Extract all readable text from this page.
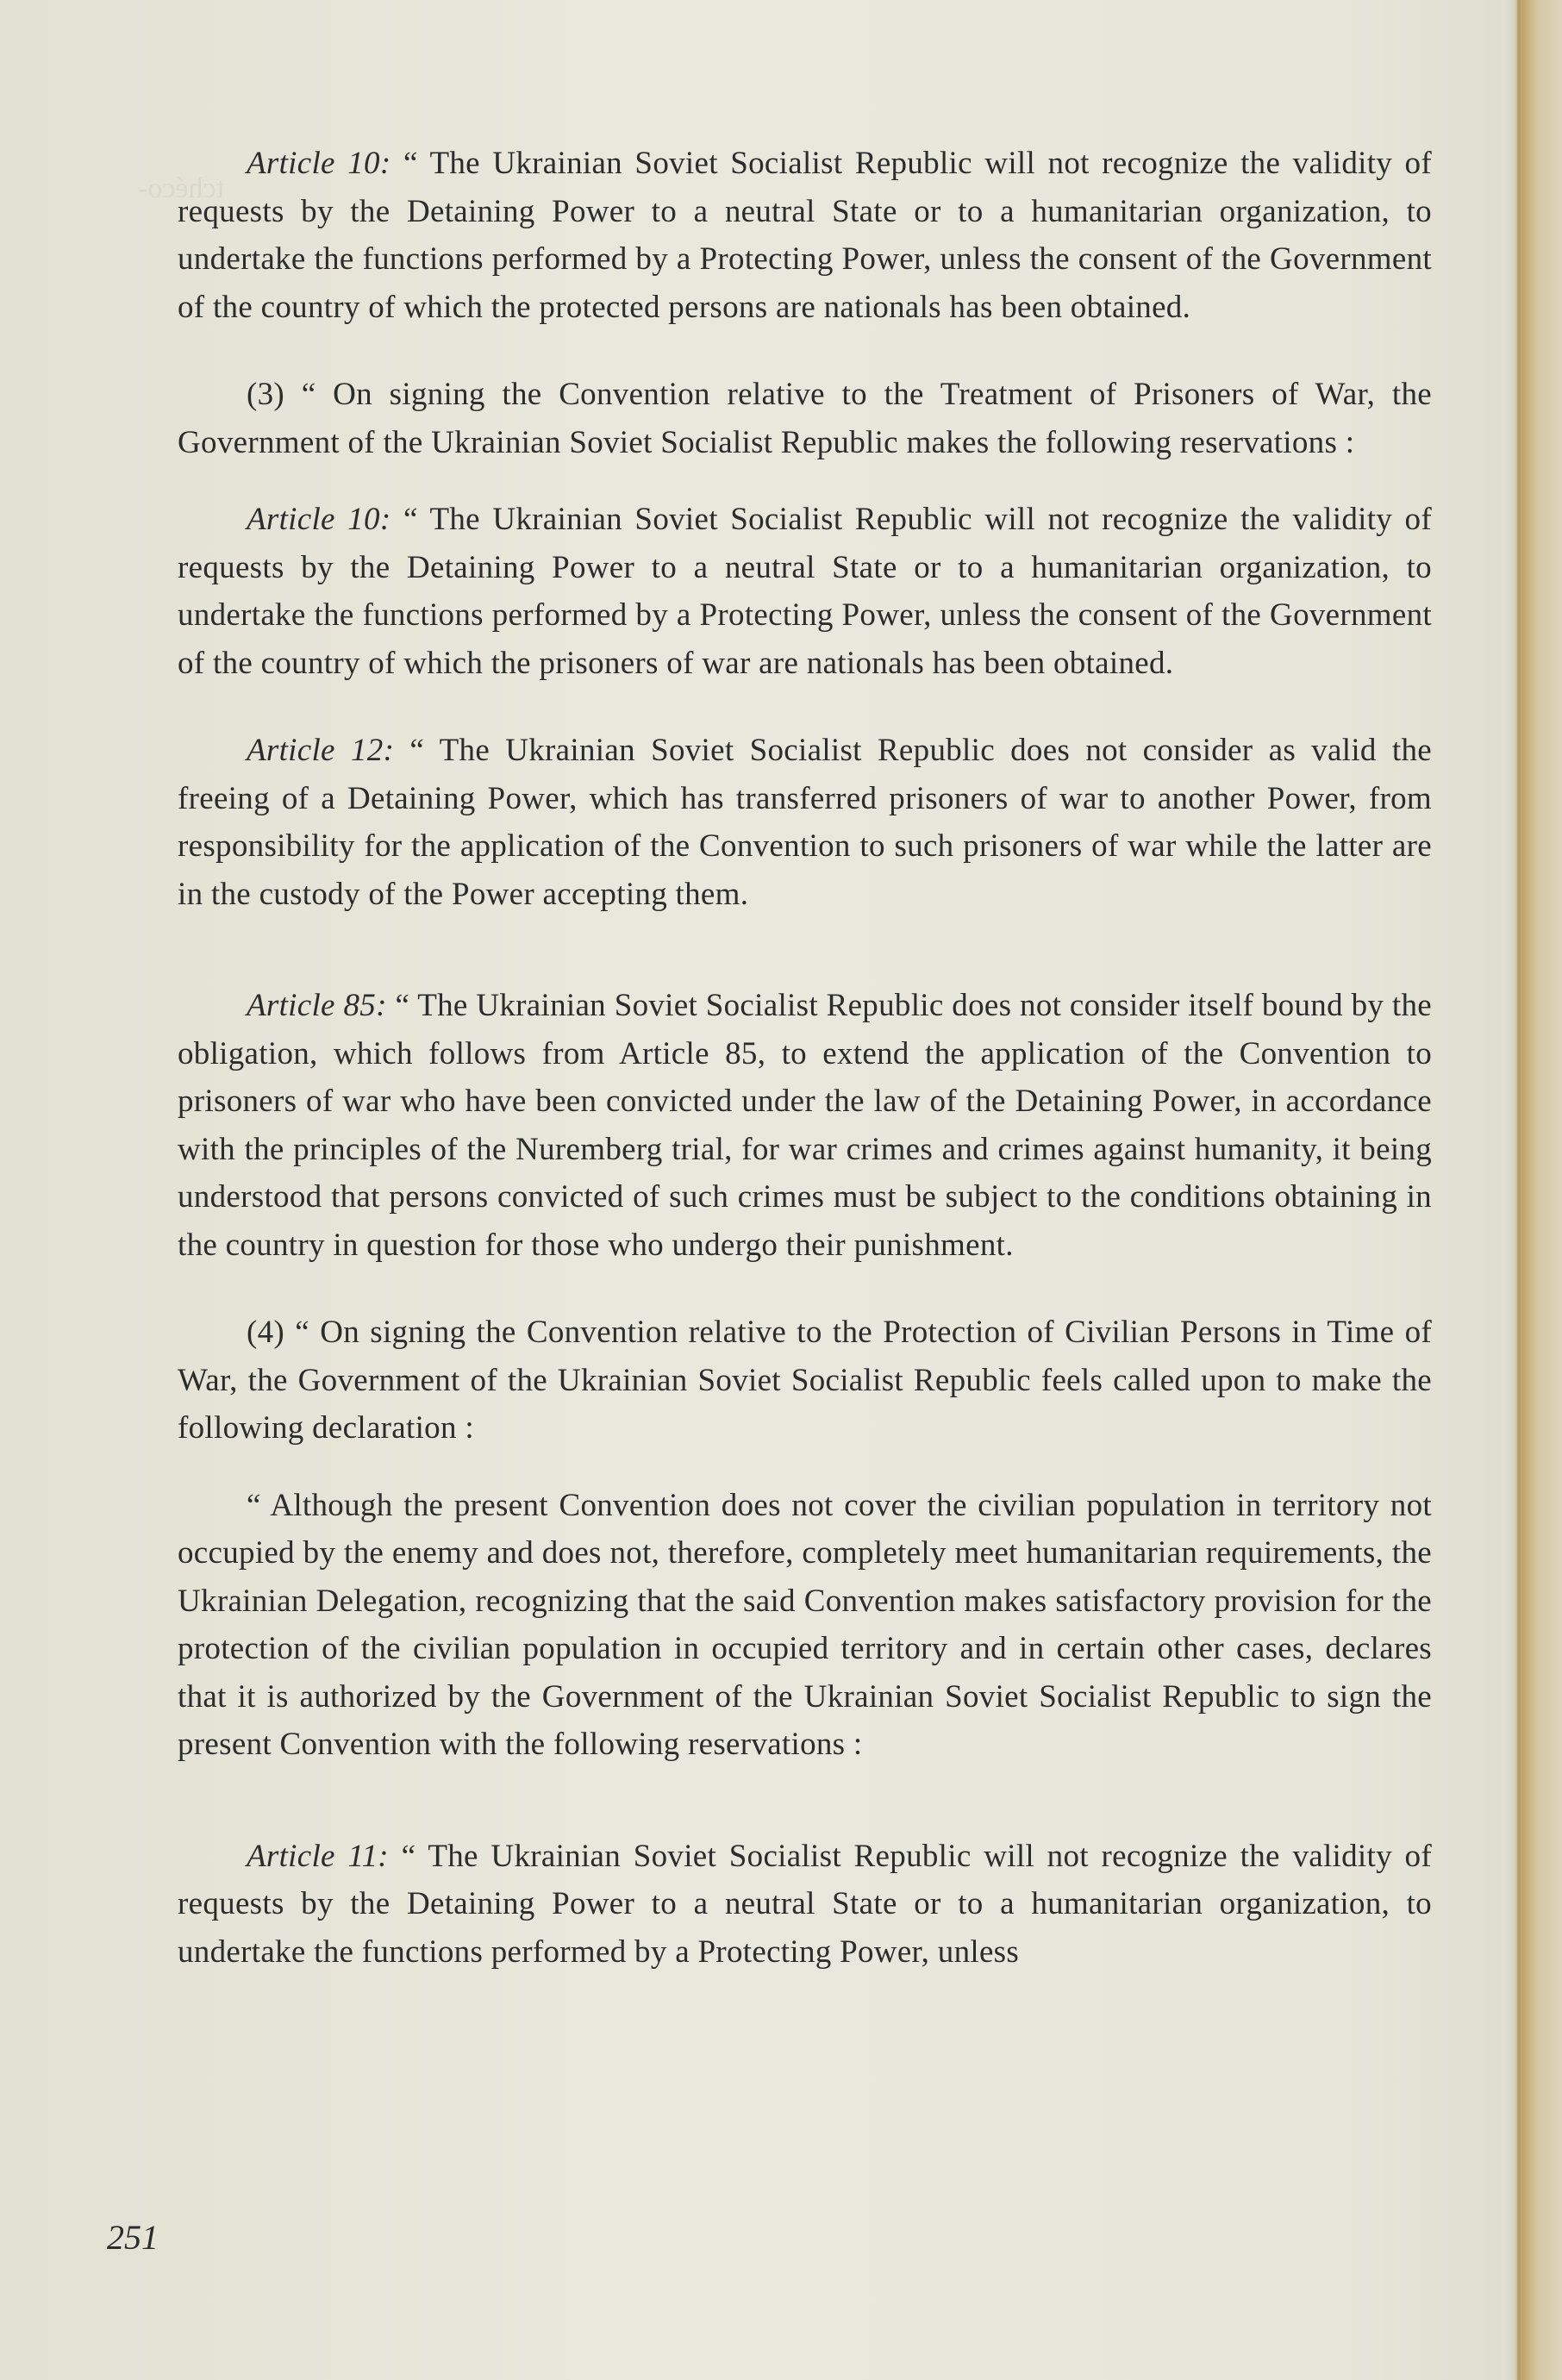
tchéco-

Article 10: “ The Ukrainian Soviet Socialist Republic will not recognize the validity of requests by the Detaining Power to a neutral State or to a humanitarian organization, to undertake the functions performed by a Protecting Power, unless the consent of the Government of the country of which the protected persons are nationals has been obtained.

(3) “ On signing the Convention relative to the Treatment of Prisoners of War, the Government of the Ukrainian Soviet Socialist Republic makes the following reservations :

Article 10: “ The Ukrainian Soviet Socialist Republic will not recognize the validity of requests by the Detaining Power to a neutral State or to a humanitarian organization, to undertake the functions performed by a Protecting Power, unless the consent of the Government of the country of which the prisoners of war are nationals has been obtained.

Article 12: “ The Ukrainian Soviet Socialist Republic does not consider as valid the freeing of a Detaining Power, which has transferred prisoners of war to another Power, from responsibility for the application of the Convention to such prisoners of war while the latter are in the custody of the Power accepting them.

Article 85: “ The Ukrainian Soviet Socialist Republic does not consider itself bound by the obligation, which follows from Article 85, to extend the application of the Convention to prisoners of war who have been convicted under the law of the Detaining Power, in accordance with the principles of the Nuremberg trial, for war crimes and crimes against humanity, it being understood that persons convicted of such crimes must be subject to the conditions obtaining in the country in question for those who undergo their punishment.

(4) “ On signing the Convention relative to the Protection of Civilian Persons in Time of War, the Government of the Ukrainian Soviet Socialist Republic feels called upon to make the following declaration :

“ Although the present Convention does not cover the civilian population in territory not occupied by the enemy and does not, therefore, completely meet humanitarian requirements, the Ukrainian Delegation, recognizing that the said Convention makes satisfactory provision for the protection of the civilian population in occupied territory and in certain other cases, declares that it is authorized by the Government of the Ukrainian Soviet Socialist Republic to sign the present Convention with the following reservations :

Article 11: “ The Ukrainian Soviet Socialist Republic will not recognize the validity of requests by the Detaining Power to a neutral State or to a humanitarian organization, to undertake the functions performed by a Protecting Power, unless

251
